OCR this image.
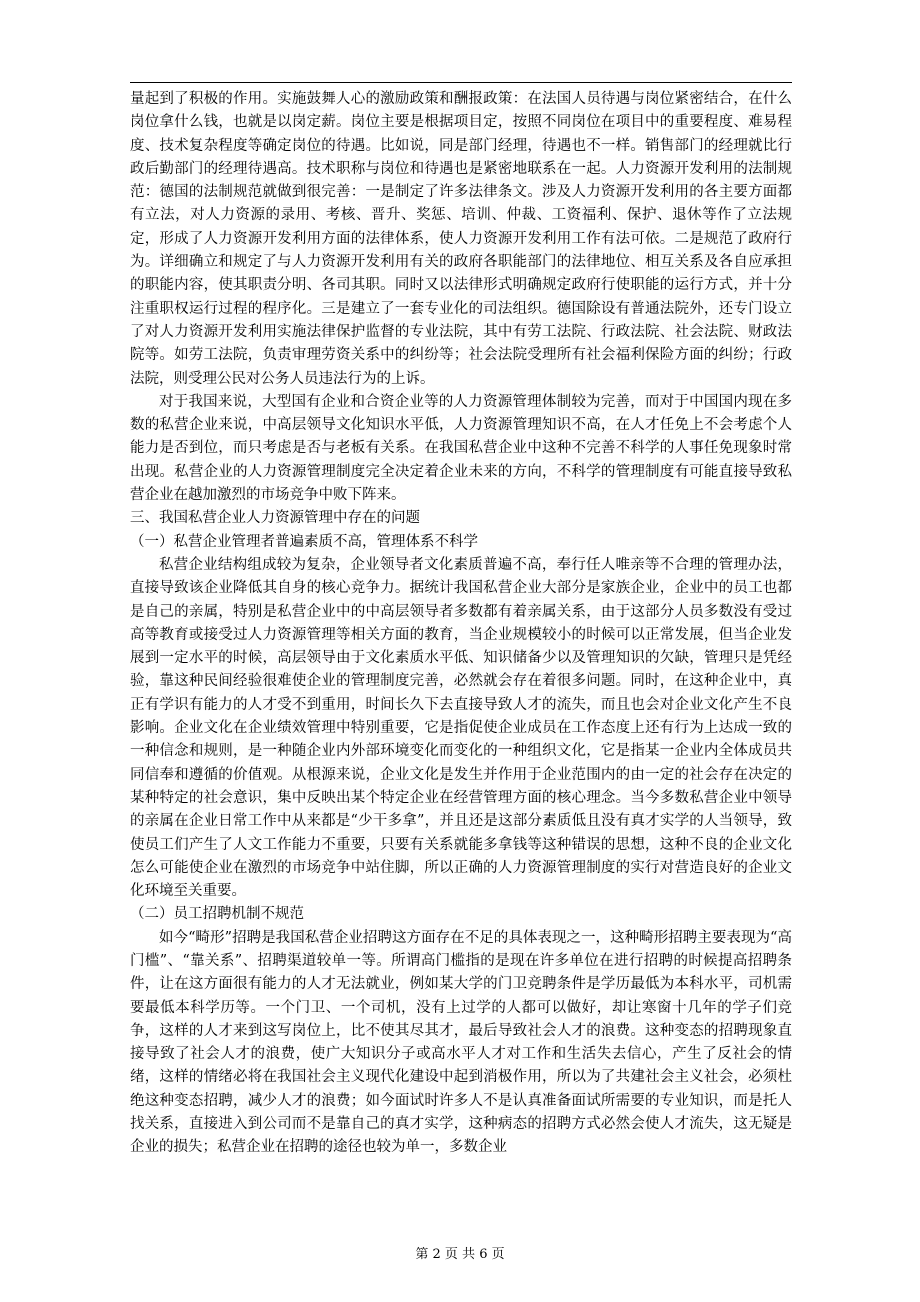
量起到了积极的作用。实施鼓舞人心的激励政策和酬报政策：在法国人员待遇与岗位紧密结合，在什么岗位拿什么钱，也就是以岗定薪。岗位主要是根据项目定，按照不同岗位在项目中的重要程度、难易程度、技术复杂程度等确定岗位的待遇。比如说，同是部门经理，待遇也不一样。销售部门的经理就比行政后勤部门的经理待遇高。技术职称与岗位和待遇也是紧密地联系在一起。人力资源开发利用的法制规范：德国的法制规范就做到很完善：一是制定了许多法律条文。涉及人力资源开发利用的各主要方面都有立法，对人力资源的录用、考核、晋升、奖惩、培训、仲裁、工资福利、保护、退休等作了立法规定，形成了人力资源开发利用方面的法律体系，使人力资源开发利用工作有法可依。二是规范了政府行为。详细确立和规定了与人力资源开发利用有关的政府各职能部门的法律地位、相互关系及各自应承担的职能内容，使其职责分明、各司其职。同时又以法律形式明确规定政府行使职能的运行方式，并十分注重职权运行过程的程序化。三是建立了一套专业化的司法组织。德国除设有普通法院外，还专门设立了对人力资源开发利用实施法律保护监督的专业法院，其中有劳工法院、行政法院、社会法院、财政法院等。如劳工法院，负责审理劳资关系中的纠纷等；社会法院受理所有社会福利保险方面的纠纷；行政法院，则受理公民对公务人员违法行为的上诉。

对于我国来说，大型国有企业和合资企业等的人力资源管理体制较为完善，而对于中国国内现在多数的私营企业来说，中高层领导文化知识水平低，人力资源管理知识不高，在人才任免上不会考虑个人能力是否到位，而只考虑是否与老板有关系。在我国私营企业中这种不完善不科学的人事任免现象时常出现。私营企业的人力资源管理制度完全决定着企业未来的方向，不科学的管理制度有可能直接导致私营企业在越加激烈的市场竞争中败下阵来。

三、我国私营企业人力资源管理中存在的问题

（一）私营企业管理者普遍素质不高，管理体系不科学

私营企业结构组成较为复杂，企业领导者文化素质普遍不高，奉行任人唯亲等不合理的管理办法，直接导致该企业降低其自身的核心竞争力。据统计我国私营企业大部分是家族企业，企业中的员工也都是自己的亲属，特别是私营企业中的中高层领导者多数都有着亲属关系，由于这部分人员多数没有受过高等教育或接受过人力资源管理等相关方面的教育，当企业规模较小的时候可以正常发展，但当企业发展到一定水平的时候，高层领导由于文化素质水平低、知识储备少以及管理知识的欠缺，管理只是凭经验，靠这种民间经验很难使企业的管理制度完善，必然就会存在着很多问题。同时，在这种企业中，真正有学识有能力的人才受不到重用，时间长久下去直接导致人才的流失，而且也会对企业文化产生不良影响。企业文化在企业绩效管理中特别重要，它是指促使企业成员在工作态度上还有行为上达成一致的一种信念和规则，是一种随企业内外部环境变化而变化的一种组织文化，它是指某一企业内全体成员共同信奉和遵循的价值观。从根源来说，企业文化是发生并作用于企业范围内的由一定的社会存在决定的某种特定的社会意识，集中反映出某个特定企业在经营管理方面的核心理念。当今多数私营企业中领导的亲属在企业日常工作中从来都是“少干多拿”，并且还是这部分素质低且没有真才实学的人当领导，致使员工们产生了人文工作能力不重要，只要有关系就能多拿钱等这种错误的思想，这种不良的企业文化怎么可能使企业在激烈的市场竞争中站住脚，所以正确的人力资源管理制度的实行对营造良好的企业文化环境至关重要。

（二）员工招聘机制不规范

如今“畸形”招聘是我国私营企业招聘这方面存在不足的具体表现之一，这种畸形招聘主要表现为“高门槛”、“靠关系”、招聘渠道较单一等。所谓高门槛指的是现在许多单位在进行招聘的时候提高招聘条件，让在这方面很有能力的人才无法就业，例如某大学的门卫竞聘条件是学历最低为本科水平，司机需要最低本科学历等。一个门卫、一个司机，没有上过学的人都可以做好，却让寒窗十几年的学子们竞争，这样的人才来到这写岗位上，比不使其尽其才，最后导致社会人才的浪费。这种变态的招聘现象直接导致了社会人才的浪费，使广大知识分子或高水平人才对工作和生活失去信心，产生了反社会的情绪，这样的情绪必将在我国社会主义现代化建设中起到消极作用，所以为了共建社会主义社会，必须杜绝这种变态招聘，减少人才的浪费；如今面试时许多人不是认真准备面试所需要的专业知识，而是托人找关系，直接进入到公司而不是靠自己的真才实学，这种病态的招聘方式必然会使人才流失，这无疑是企业的损失；私营企业在招聘的途径也较为单一，多数企业

第 2 页 共 6 页
